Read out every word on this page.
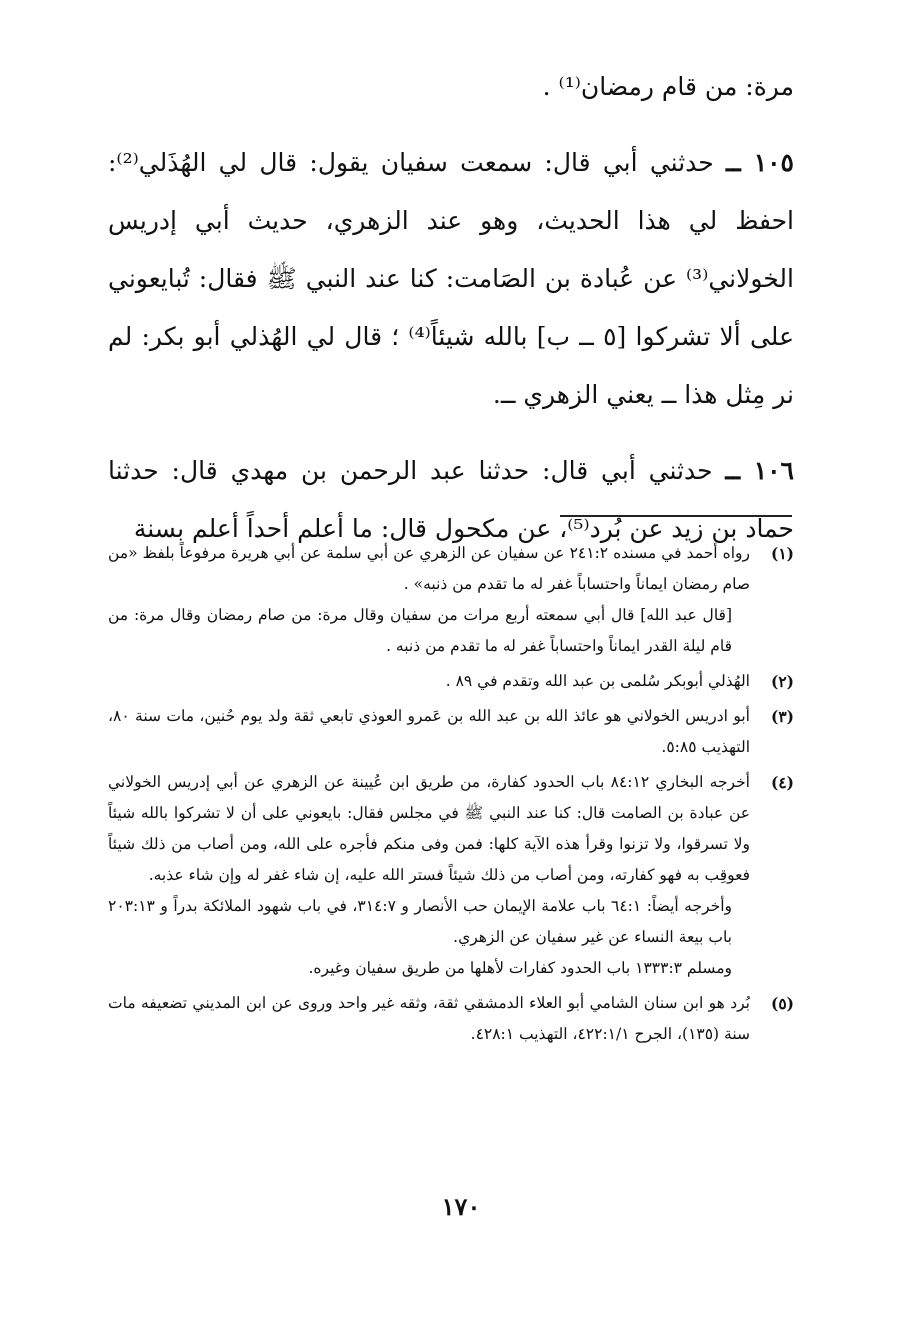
مرة: من قام رمضان⁽¹⁾ .

١٠٥ ــ حدثني أبي قال: سمعت سفيان يقول: قال لي الهُذَلي⁽²⁾: احفظ لي هذا الحديث، وهو عند الزهري، حديث أبي إدريس الخولاني⁽³⁾ عن عُبادة بن الصَامت: كنا عند النبي ﷺ فقال: تُبايعوني على ألا تشركوا [٥ ــ ب] بالله شيئاً⁽⁴⁾ ؛ قال لي الهُذلي أبو بكر: لم نر مِثل هذا ــ يعني الزهري ــ.

١٠٦ ــ حدثني أبي قال: حدثنا عبد الرحمن بن مهدي قال: حدثنا حماد بن زيد عن بُرد⁽⁵⁾، عن مكحول قال: ما أعلم أحداً أعلم بسنة

(١)

رواه أحمد في مسنده ٢٤١:٢ عن سفيان عن الزهري عن أبي سلمة عن أبي هريرة مرفوعاً بلفظ «من صام رمضان ايماناً واحتساباً غفر له ما تقدم من ذنبه» .

[قال عبد الله] قال أبي سمعته أربع مرات من سفيان وقال مرة: من صام رمضان وقال مرة: من قام ليلة القدر ايماناً واحتساباً غفر له ما تقدم من ذنبه .

(٢)

الهُذلي أبوبكر سُلمى بن عبد الله وتقدم في ٨٩ .

(٣)

أبو ادريس الخولاني هو عائذ الله بن عبد الله بن عَمرو العوذي تابعي ثقة ولد يوم حُنين، مات سنة ٨٠، التهذيب ٥:٨٥.

(٤)

أخرجه البخاري ٨٤:١٢ باب الحدود كفارة، من طريق ابن عُيينة عن الزهري عن أبي إدريس الخولاني عن عبادة بن الصامت قال: كنا عند النبي ﷺ في مجلس فقال: بايعوني على أن لا تشركوا بالله شيئاً ولا تسرقوا، ولا تزنوا وقرأ هذه الآية كلها: فمن وفى منكم فأجره على الله، ومن أصاب من ذلك شيئاً فعوقِب به فهو كفارته، ومن أصاب من ذلك شيئاً فستر الله عليه، إن شاء غفر له وإن شاء عذبه.

وأخرجه أيضاً: ٦٤:١ باب علامة الإيمان حب الأنصار و ٣١٤:٧، في باب شهود الملائكة بدراً و ٢٠٣:١٣ باب بيعة النساء عن غير سفيان عن الزهري.

ومسلم ١٣٣٣:٣ باب الحدود كفارات لأهلها من طريق سفيان وغيره.

(٥)

بُرد هو ابن سنان الشامي أبو العلاء الدمشقي ثقة، وثقه غير واحد وروى عن ابن المديني تضعيفه مات سنة (١٣٥)، الجرح ٤٢٢:١/١، التهذيب ٤٢٨:١.

١٧٠
